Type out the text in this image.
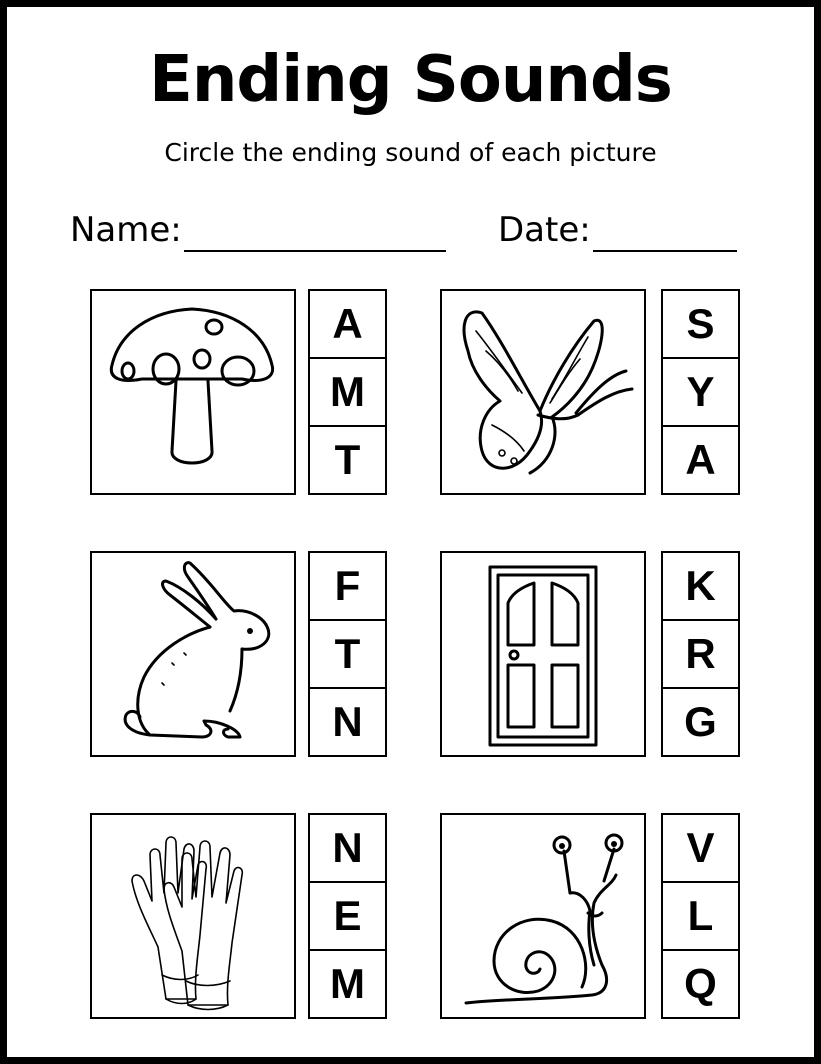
Ending Sounds
Circle the ending sound of each picture
Name:	Date:
A
M
T
S
Y
A
F
T
N
K
R
G
N
E
M
V
L
Q
